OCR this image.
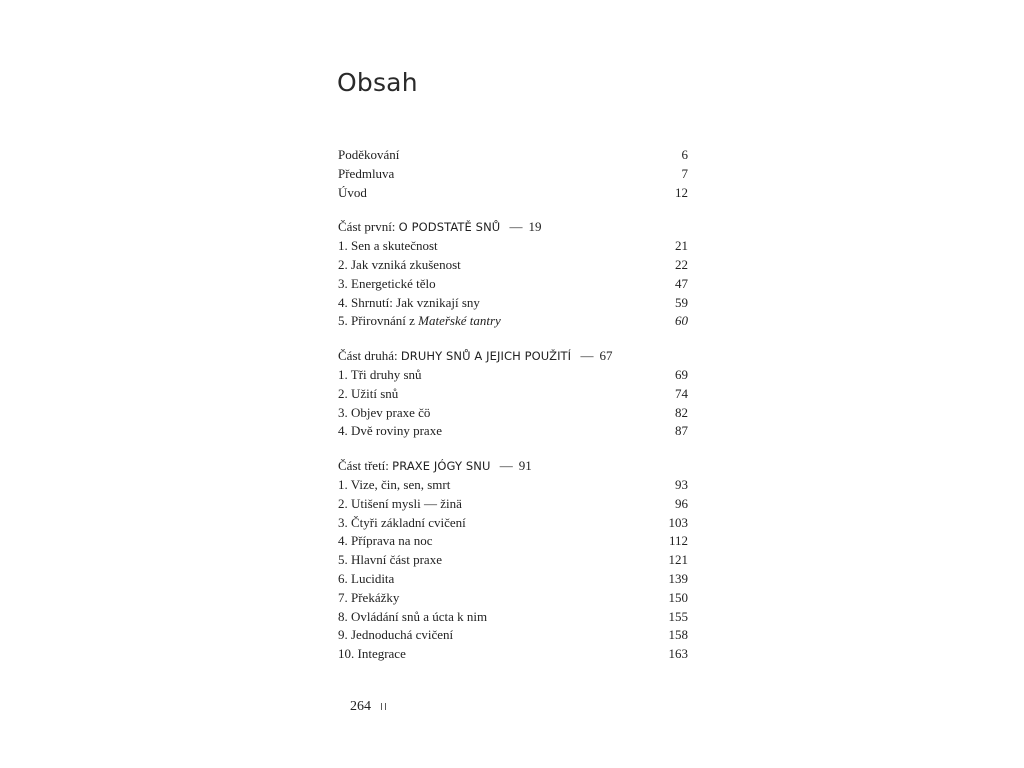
Obsah
Poděkování	6
Předmluva	7
Úvod	12
Část první: O PODSTATĚ SNŮ — 19
1. Sen a skutečnost	21
2. Jak vzniká zkušenost	22
3. Energetické tělo	47
4. Shrnutí: Jak vznikají sny	59
5. Přirovnání z Mateřské tantry	60
Část druhá: DRUHY SNŮ A JEJICH POUŽITÍ — 67
1. Tři druhy snů	69
2. Užití snů	74
3. Objev praxe čö	82
4. Dvě roviny praxe	87
Část třetí: PRAXE JÓGY SNU — 91
1. Vize, čin, sen, smrt	93
2. Utišení mysli — žinä	96
3. Čtyři základní cvičení	103
4. Příprava na noc	112
5. Hlavní část praxe	121
6. Lucidita	139
7. Překážky	150
8. Ovládání snů a úcta k nim	155
9. Jednoduchá cvičení	158
10. Integrace	163
264 II
